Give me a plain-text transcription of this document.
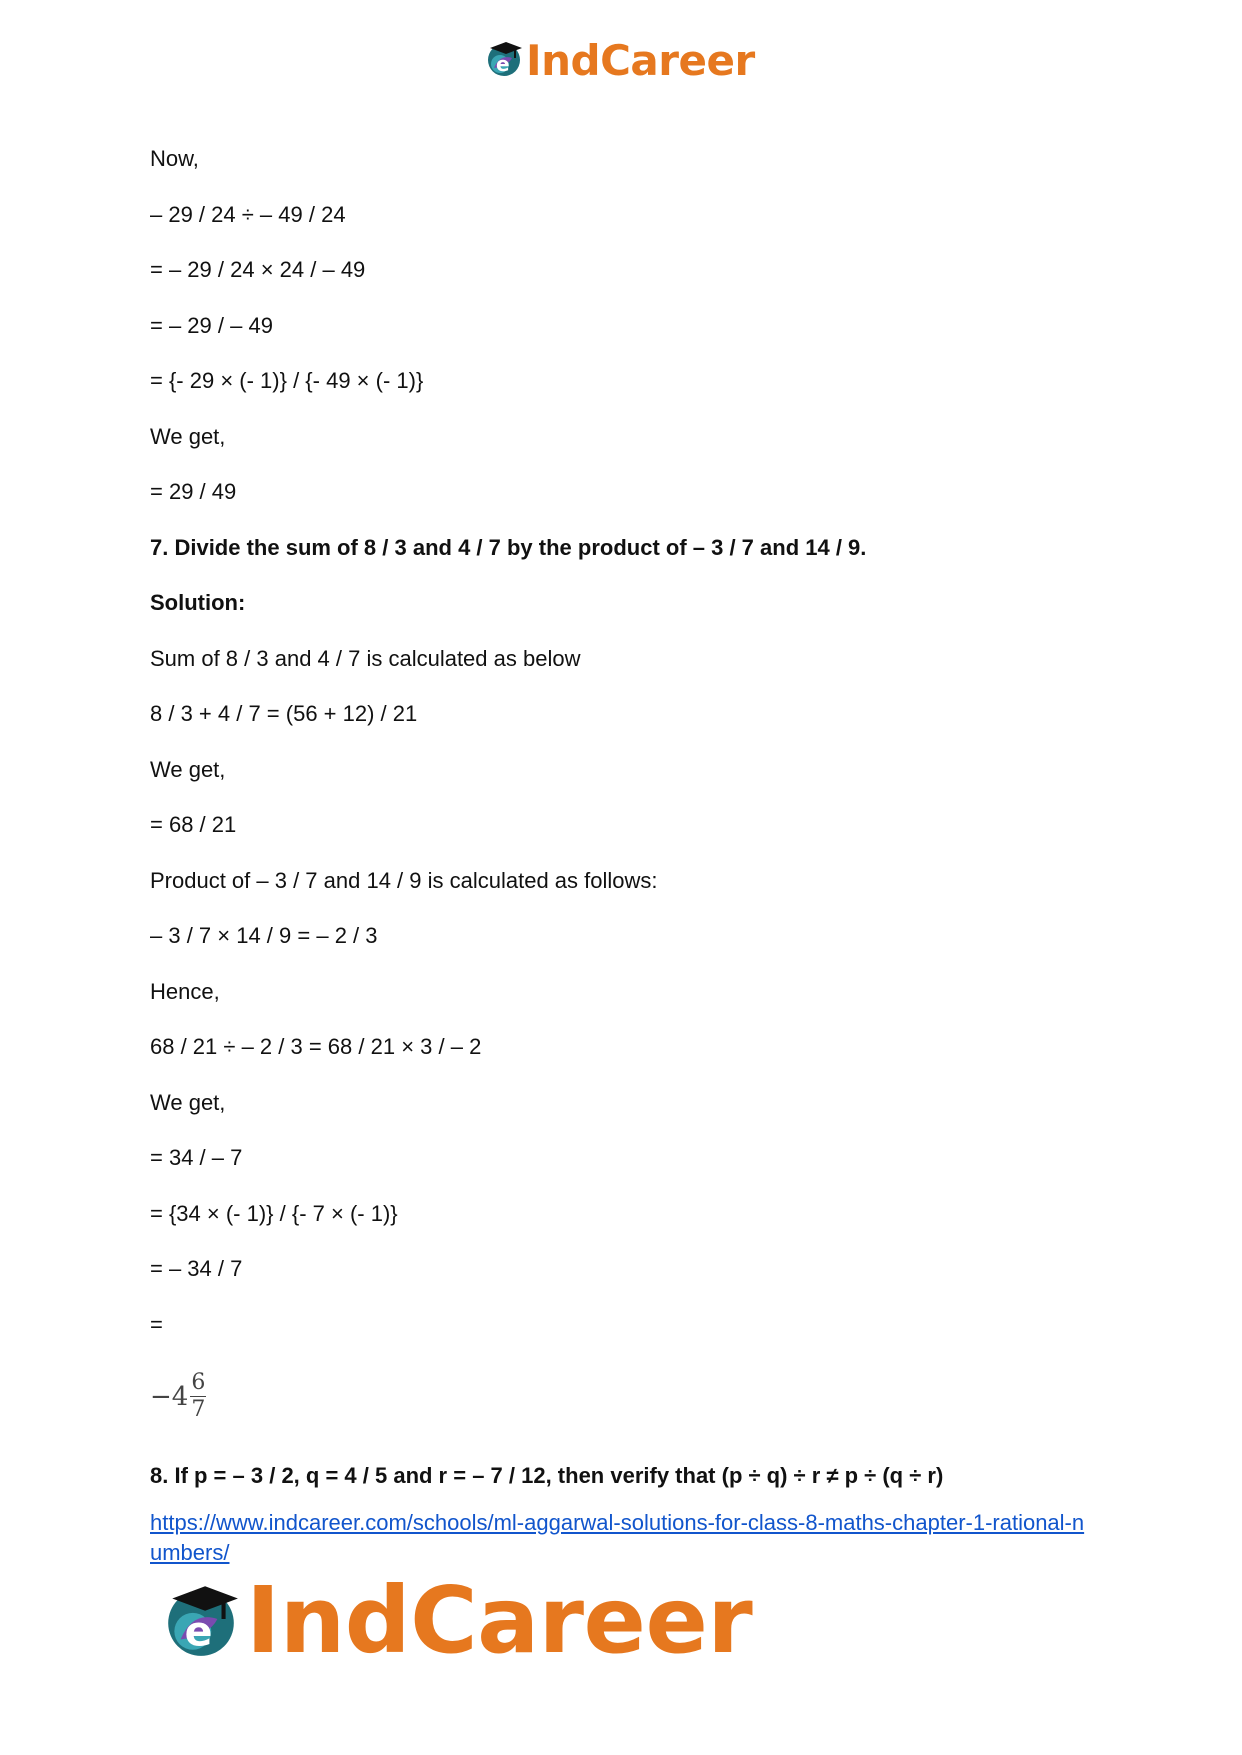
e IndCareer
Now,
– 29 / 24 ÷ – 49 / 24
= – 29 / 24 × 24 / – 49
= – 29 / – 49
= {- 29 × (- 1)} / {- 49 × (- 1)}
We get,
= 29 / 49
7. Divide the sum of 8 / 3 and 4 / 7 by the product of – 3 / 7 and 14 / 9.
Solution:
Sum of 8 / 3 and 4 / 7 is calculated as below
8 / 3 + 4 / 7 = (56 + 12) / 21
We get,
= 68 / 21
Product of – 3 / 7 and 14 / 9 is calculated as follows:
– 3 / 7 × 14 / 9 = – 2 / 3
Hence,
68 / 21 ÷ – 2 / 3 = 68 / 21 × 3 / – 2
We get,
= 34 / – 7
= {34 × (- 1)} / {- 7 × (- 1)}
= – 34 / 7
=
$-4 \frac{6}{7}$
8. If p = – 3 / 2, q = 4 / 5 and r = – 7 / 12, then verify that (p ÷ q) ÷ r ≠ p ÷ (q ÷ r)
https://www.indcareer.com/schools/ml-aggarwal-solutions-for-class-8-maths-chapter-1-rational-numbers/
e IndCareer
